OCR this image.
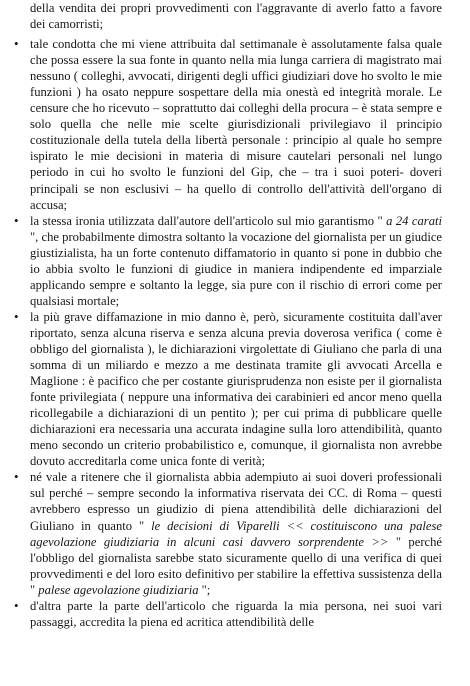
della vendita dei propri provvedimenti con l'aggravante di averlo fatto a favore dei camorristi;

• tale condotta che mi viene attribuita dal settimanale è assolutamente falsa quale che possa essere la sua fonte in quanto nella mia lunga carriera di magistrato mai nessuno ( colleghi, avvocati, dirigenti degli uffici giudiziari dove ho svolto le mie funzioni ) ha osato neppure sospettare della mia onestà ed integrità morale. Le censure che ho ricevuto – soprattutto dai colleghi della procura – è stata sempre e solo quella che nelle mie scelte giurisdizionali privilegiavo il principio costituzionale della tutela della libertà personale : principio al quale ho sempre ispirato le mie decisioni in materia di misure cautelari personali nel lungo periodo in cui ho svolto le funzioni del Gip, che – tra i suoi poteri- doveri principali se non esclusivi – ha quello di controllo dell'attività dell'organo di accusa;
• la stessa ironia utilizzata dall'autore dell'articolo sul mio garantismo " a 24 carati ", che probabilmente dimostra soltanto la vocazione del giornalista per un giudice giustizialista, ha un forte contenuto diffamatorio in quanto si pone in dubbio che io abbia svolto le funzioni di giudice in maniera indipendente ed imparziale applicando sempre e soltanto la legge, sia pure con il rischio di errori come per qualsiasi mortale;
• la più grave diffamazione in mio danno è, però, sicuramente costituita dall'aver riportato, senza alcuna riserva e senza alcuna previa doverosa verifica ( come è obbligo del giornalista ), le dichiarazioni virgolettate di Giuliano che parla di una somma di un miliardo e mezzo a me destinata tramite gli avvocati Arcella e Maglione : è pacifico che per costante giurisprudenza non esiste per il giornalista fonte privilegiata ( neppure una informativa dei carabinieri ed ancor meno quella ricollegabile a dichiarazioni di un pentito ); per cui prima di pubblicare quelle dichiarazioni era necessaria una accurata indagine sulla loro attendibilità, quanto meno secondo un criterio probabilistico e, comunque, il giornalista non avrebbe dovuto accreditarla come unica fonte di verità;
• né vale a ritenere che il giornalista abbia adempiuto ai suoi doveri professionali sul perché – sempre secondo la informativa riservata dei CC. di Roma – questi avrebbero espresso un giudizio di piena attendibilità delle dichiarazioni del Giuliano in quanto " le decisioni di Viparelli << costituiscono una palese agevolazione giudiziaria in alcuni casi davvero sorprendente >> " perché l'obbligo del giornalista sarebbe stato sicuramente quello di una verifica di quei provvedimenti e del loro esito definitivo per stabilire la effettiva sussistenza della " palese agevolazione giudiziaria ";
• d'altra parte la parte dell'articolo che riguarda la mia persona, nei suoi vari passaggi, accredita la piena ed acritica attendibilità delle
